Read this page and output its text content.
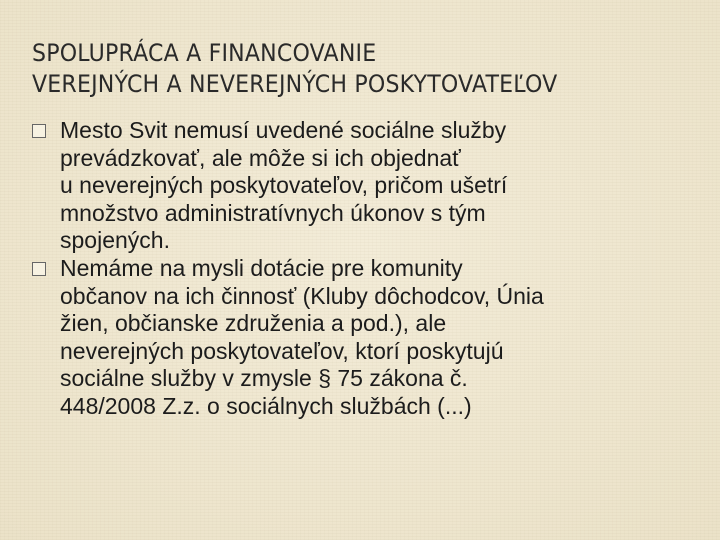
SPOLUPRÁCA A FINANCOVANIE
VEREJNÝCH A NEVEREJNÝCH POSKYTOVATEĽOV
Mesto Svit nemusí uvedené sociálne služby
prevádzkovať, ale môže si ich objednať
u neverejných poskytovateľov, pričom ušetrí
množstvo administratívnych úkonov s tým
spojených.
Nemáme na mysli dotácie pre komunity
občanov na ich činnosť (Kluby dôchodcov, Únia
žien, občianske združenia a pod.), ale
neverejných poskytovateľov, ktorí poskytujú
sociálne služby v zmysle § 75 zákona č.
448/2008 Z.z. o sociálnych službách (...)
